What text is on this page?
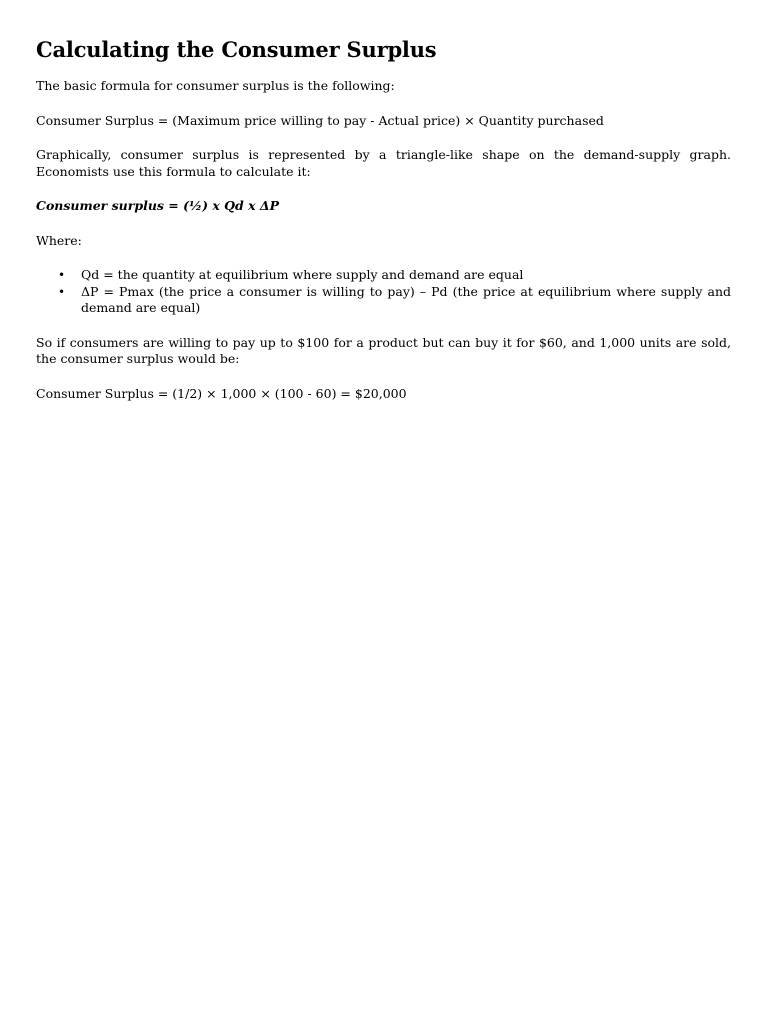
Calculating the Consumer Surplus

The basic formula for consumer surplus is the following:

Consumer Surplus = (Maximum price willing to pay - Actual price) × Quantity purchased

Graphically, consumer surplus is represented by a triangle-like shape on the demand-supply graph. Economists use this formula to calculate it:

Consumer surplus = (½) x Qd x ΔP

Where:

• Qd = the quantity at equilibrium where supply and demand are equal
• ΔP = Pmax (the price a consumer is willing to pay) – Pd (the price at equilibrium where supply and demand are equal)

So if consumers are willing to pay up to $100 for a product but can buy it for $60, and 1,000 units are sold, the consumer surplus would be:

Consumer Surplus = (1/2) × 1,000 × (100 - 60) = $20,000
